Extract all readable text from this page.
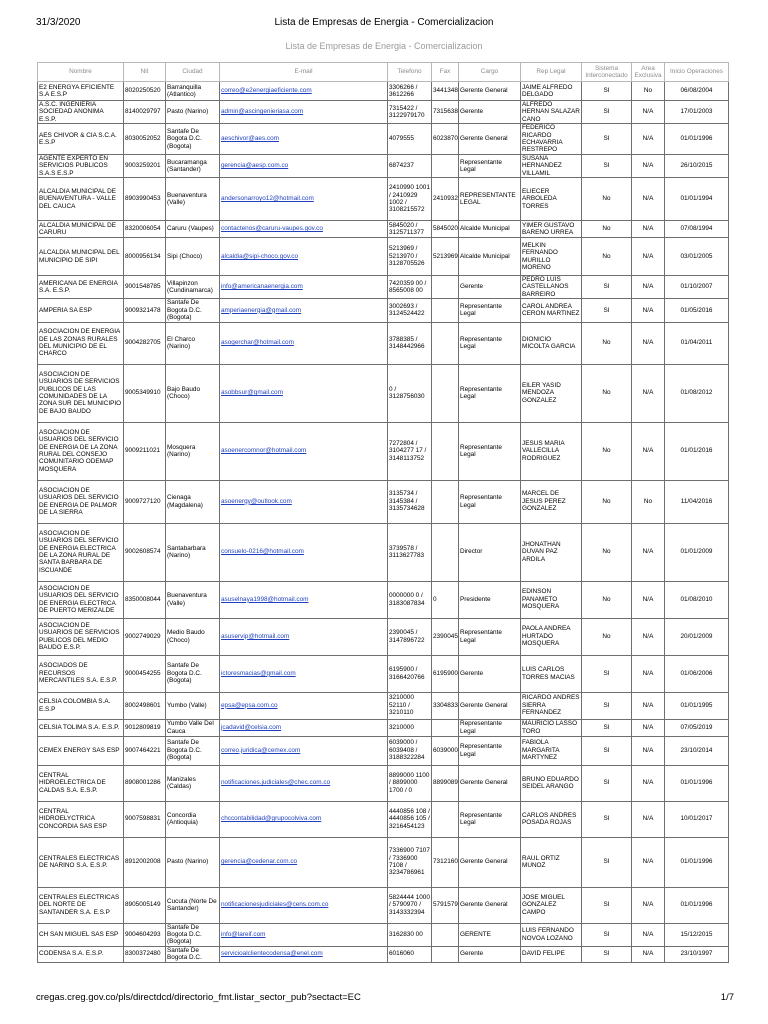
31/3/2020	Lista de Empresas de Energia - Comercializacion
Lista de Empresas de Energia - Comercializacion
Nombre	Nit	Ciudad	E-mail	Telefono	Fax	Cargo	Rep Legal	Sistema Interconectado	Area Exclusiva	Inicio Operaciones
E2 ENERGYA EFICIENTE S.A E.S.P	8020250520	Barranquilla (Atlantico)	correo@e2energiaeficiente.com	3306266 / 3612266	3441348	Gerente General	JAIME ALFREDO DELGADO	SI	No	06/08/2004
A.S.C. INGENIERIA SOCIEDAD ANONIMA E.S.P.	8140029797	Pasto (Narino)	admin@ascingenieriasa.com	7315422 / 3122979170	7315638	Gerente	ALFREDO HERNAN SALAZAR CANO	SI	N/A	17/01/2003
AES CHIVOR & CIA S.C.A. E.S.P	8030052052	Santafe De Bogota D.C. (Bogota)	aeschivor@aes.com	4079555	6023870	Gerente General	FEDERICO RICARDO ECHAVARRIA RESTREPO	SI	N/A	01/01/1996
AGENTE EXPERTO EN SERVICIOS PUBLICOS S.A.S E.S.P	9003259201	Bucaramanga (Santander)	gerencia@aesp.com.co	6874237		Representante Legal	SUSANA HERNANDEZ VILLAMIL	SI	N/A	26/10/2015
ALCALDIA MUNICIPAL DE BUENAVENTURA - VALLE DEL CAUCA	8903990453	Buenaventura (Valle)	andersonarroyo12@hotmail.com	2410990 1001 / 2410929 1002 / 3108215572	2410932	REPRESENTANTE LEGAL	ELIECER ARBOLEDA TORRES	No	N/A	01/01/1994
ALCALDIA MUNICIPAL DE CARURU	8320006054	Caruru (Vaupes)	contactenos@caruru-vaupes.gov.co	5845020 / 3125711377	5845020	Alcalde Municipal	YIMER GUSTAVO BARENO URREA	No	N/A	07/08/1994
ALCALDIA MUNICIPAL DEL MUNICIPIO DE SIPI	8000956134	Sipi (Choco)	alcaldia@sipi-choco.gov.co	5213969 / 5213970 / 3128705526	5213969	Alcalde Municipal	MELKIN FERNANDO MURILLO MORENO	No	N/A	03/01/2005
AMERICANA DE ENERGIA S.A. E.S.P.	9001548785	Villapinzon (Cundinamarca)	info@americanaenergia.com	7420359 00 / 8565008 00		Gerente	PEDRO LUIS CASTELLANOS BARREIRO	SI	N/A	01/10/2007
AMPERIA SA ESP	9009321478	Santafe De Bogota D.C. (Bogota)	amperiaenergia@gmail.com	3002693 / 3124524422		Representante Legal	CAROL ANDREA CERON MARTINEZ	SI	N/A	01/05/2016
ASOCIACION DE ENERGIA DE LAS ZONAS RURALES DEL MUNICIPIO DE EL CHARCO	9004282705	El Charco (Narino)	asogerchar@hotmail.com	3788385 / 3148442966		Representante Legal	DIONICIO MICOLTA GARCIA	No	N/A	01/04/2011
ASOCIACION DE USUARIOS DE SERVICIOS PUBLICOS DE LAS COMUNIDADES DE LA ZONA SUR DEL MUNICIPIO DE BAJO BAUDO	9005349910	Bajo Baudo (Choco)	asobbsur@gmail.com	0 / 3128756030		Representante Legal	EILER YASID MENDOZA GONZALEZ	No	N/A	01/08/2012
ASOCIACION DE USUARIOS DEL SERVICIO DE ENERGIA DE LA ZONA RURAL DEL CONSEJO COMUNITARIO ODEMAP MOSQUERA	9009211021	Mosquera (Narino)	asoenercomnor@hotmail.com	7272804 / 3104277 17 / 3148113752		Representante Legal	JESUS MARIA VALLECILLA RODRIGUEZ	No	N/A	01/01/2016
ASOCIACION DE USUARIOS DEL SERVICIO DE ENERGIA DE PALMOR DE LA SIERRA	9009727120	Cienaga (Magdalena)	asoenergy@outlook.com	3135734 / 3145384 / 3135734628		Representante Legal	MARCEL DE JESUS PEREZ GONZALEZ	No	No	11/04/2016
ASOCIACION DE USUARIOS DEL SERVICIO DE ENERGIA ELECTRICA DE LA ZONA RURAL DE SANTA BARBARA DE ISCUANDE	9002608574	Santabarbara (Narino)	consuelo-0216@hotmail.com	3739578 / 3113627783		Director	JHONATHAN DUVAN PAZ ARDILA	No	N/A	01/01/2009
ASOCIACION DE USUARIOS DEL SERVICIO DE ENERGIA ELECTRICA DE PUERTO MERIZALDE	8350008044	Buenaventura (Valle)	asuselnaya1998@hotmail.com	0000000 0 / 3183087834	0	Presidente	EDINSON PANAMETO MOSQUERA	No	N/A	01/08/2010
ASOCIACION DE USUARIOS DE SERVICIOS PUBLICOS DEL MEDIO BAUDO E.S.P.	9002749029	Medio Baudo (Choco)	asuservip@hotmail.com	2390045 / 3147896722	2390045	Representante Legal	PAOLA ANDREA HURTADO MOSQUERA	No	N/A	20/01/2009
ASOCIADOS DE RECURSOS MERCANTILES S.A. E.S.P.	9000454255	Santafe De Bogota D.C. (Bogota)	ictoresmacias@gmail.com	6195900 / 3166420766	6195900	Gerente	LUIS CARLOS TORRES MACIAS	SI	N/A	01/06/2006
CELSIA COLOMBIA S.A. E.S.P	8002498601	Yumbo (Valle)	epsa@epsa.com.co	3210000 52110 / 3210110	3304833	Gerente General	RICARDO ANDRES SIERRA FERNANDEZ	SI	N/A	01/01/1995
CELSIA TOLIMA S.A. E.S.P.	9012809819	Yumbo Valle Del Cauca	jcadavid@celsia.com	3210000		Representante Legal	MAURICIO LASSO TORO	SI	N/A	07/05/2019
CEMEX ENERGY SAS ESP	9007464221	Santafe De Bogota D.C. (Bogota)	correo.juridica@cemex.com	6039000 / 6039408 / 3188322284	6039000	Representante Legal	FABIOLA MARGARITA MARTYNEZ	SI	N/A	23/10/2014
CENTRAL HIDROELECTRICA DE CALDAS S.A. E.S.P.	8908001286	Manizales (Caldas)	notificaciones.judiciales@chec.com.co	8899000 1100 / 8899000 1700 / 0	8899089	Gerente General	BRUNO EDUARDO SEIDEL ARANGO	SI	N/A	01/01/1996
CENTRAL HIDROELYCTRICA CONCORDIA SAS ESP	9007598831	Concordia (Antioquia)	chccontabilidad@grupocolviva.com	4440856 108 / 4440856 105 / 3216454123		Representante Legal	CARLOS ANDRES POSADA ROJAS	SI	N/A	10/01/2017
CENTRALES ELECTRICAS DE NARINO S.A. E.S.P.	8912002008	Pasto (Narino)	gerencia@cedenar.com.co	7336900 7107 / 7336900 7108 / 3234786961	7312160	Gerente General	RAUL ORTIZ MUNOZ	SI	N/A	01/01/1996
CENTRALES ELECTRICAS DEL NORTE DE SANTANDER S.A. E.S.P	8905005149	Cucuta (Norte De Santander)	notificacionesjudiciales@cens.com.co	5824444 1000 / 5790970 / 3143332394	5791579	Gerente General	JOSE MIGUEL GONZALEZ CAMPO	SI	N/A	01/01/1996
CH SAN MIGUEL SAS ESP	9004604293	Santafe De Bogota D.C. (Bogota)	info@lareif.com	3162830 00		GERENTE	LUIS FERNANDO NOVOA LOZANO	SI	N/A	15/12/2015
CODENSA S.A. E.S.P.	8300372480	Santafe De Bogota D.C.	servicioalclientecodensa@enel.com	6016060		Gerente	DAVID FELIPE	SI	N/A	23/10/1997
cregas.creg.gov.co/pls/directdcd/directorio_fmt.listar_sector_pub?sectact=EC	1/7
